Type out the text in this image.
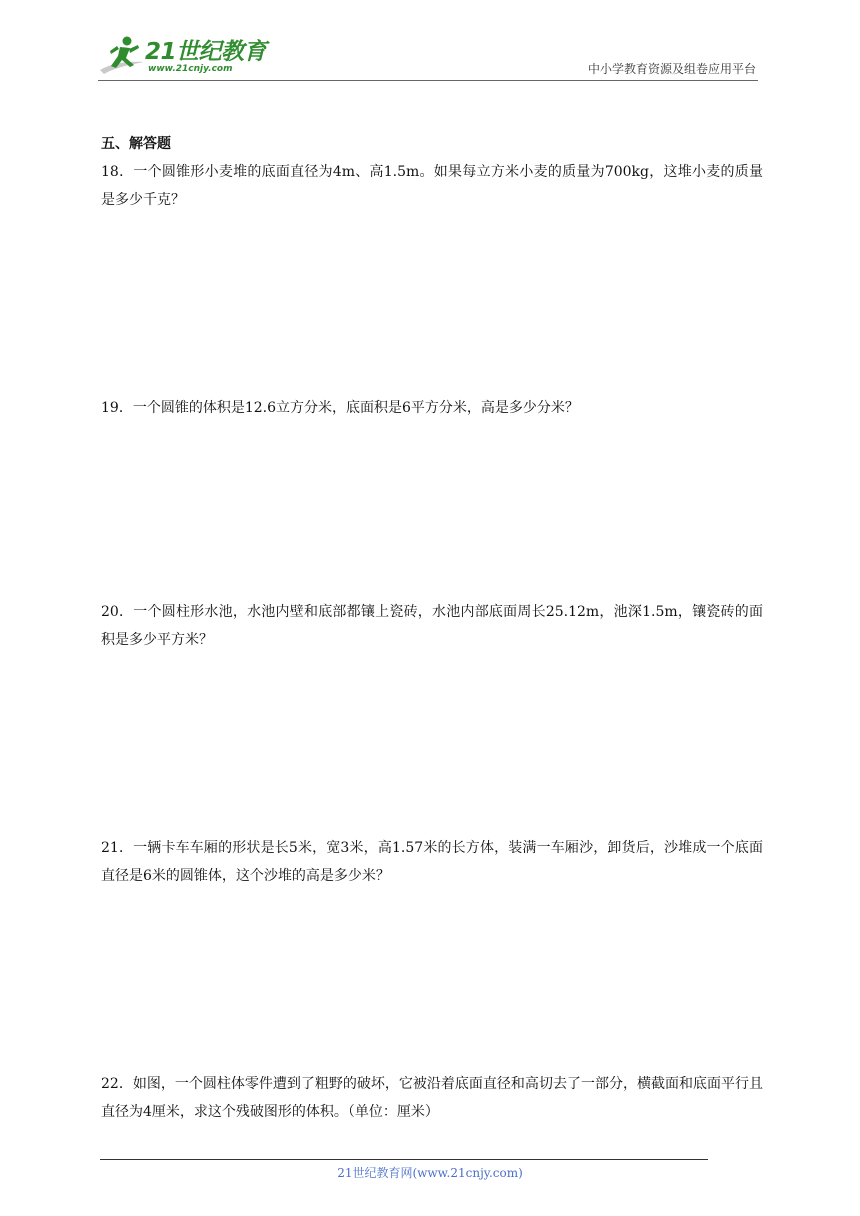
21世纪教育
www.21cnjy.com	中小学教育资源及组卷应用平台
五、解答题
18．一个圆锥形小麦堆的底面直径为4m、高1.5m。如果每立方米小麦的质量为700kg，这堆小麦的质量是多少千克？
19．一个圆锥的体积是12.6立方分米，底面积是6平方分米，高是多少分米？
20．一个圆柱形水池，水池内壁和底部都镶上瓷砖，水池内部底面周长25.12m，池深1.5m，镶瓷砖的面积是多少平方米？
21．一辆卡车车厢的形状是长5米，宽3米，高1.57米的长方体，装满一车厢沙，卸货后，沙堆成一个底面直径是6米的圆锥体，这个沙堆的高是多少米？
22．如图，一个圆柱体零件遭到了粗野的破坏，它被沿着底面直径和高切去了一部分，横截面和底面平行且直径为4厘米，求这个残破图形的体积。（单位：厘米）
21世纪教育网(www.21cnjy.com)
